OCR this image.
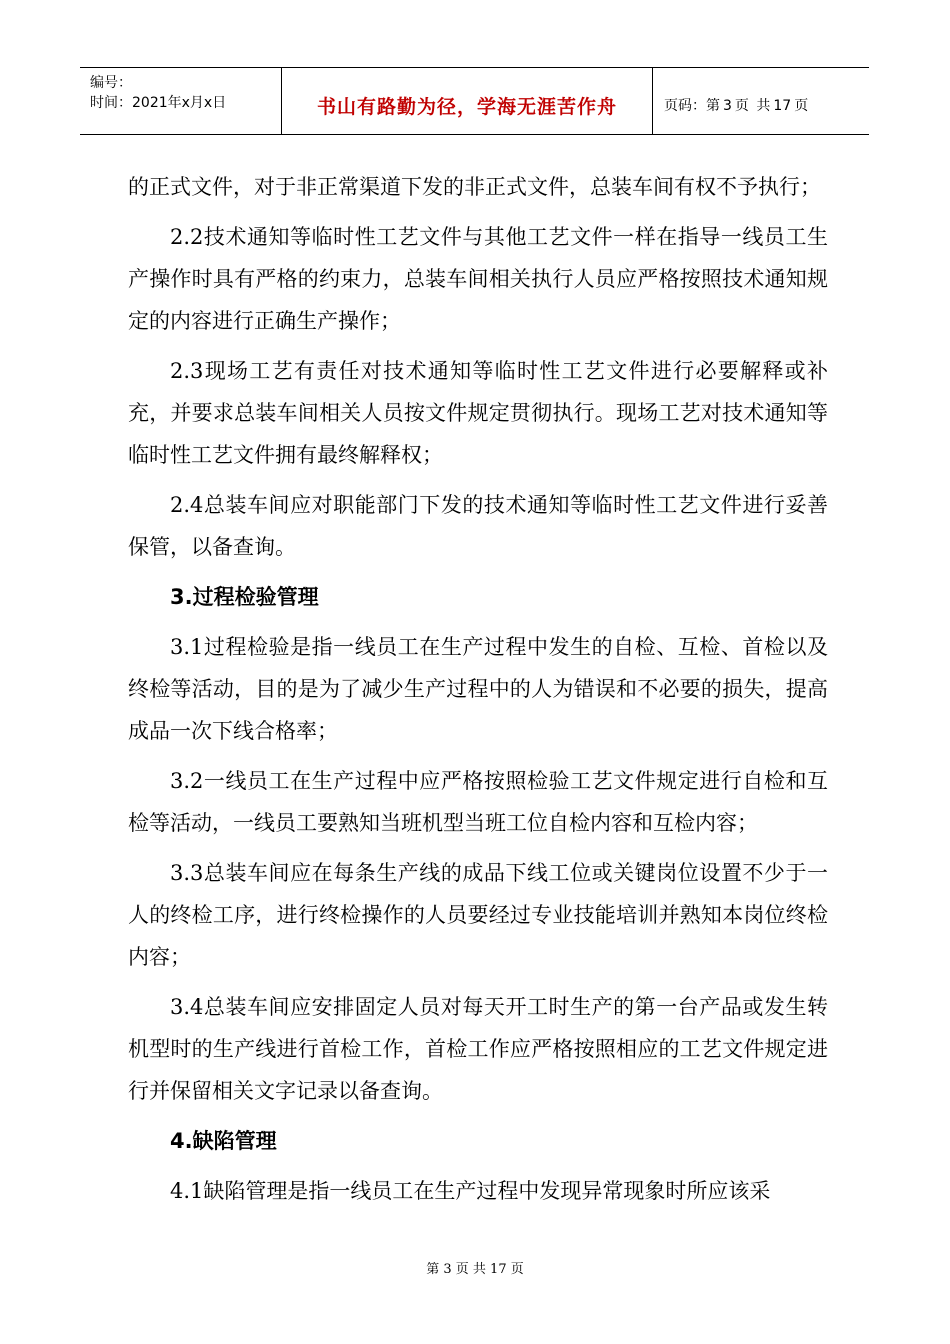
编号：
时间：2021年x月x日	书山有路勤为径，学海无涯苦作舟	页码：第 3 页 共 17 页

的正式文件，对于非正常渠道下发的非正式文件，总装车间有权不予执行；

2.2技术通知等临时性工艺文件与其他工艺文件一样在指导一线员工生产操作时具有严格的约束力，总装车间相关执行人员应严格按照技术通知规定的内容进行正确生产操作；

2.3现场工艺有责任对技术通知等临时性工艺文件进行必要解释或补充，并要求总装车间相关人员按文件规定贯彻执行。现场工艺对技术通知等临时性工艺文件拥有最终解释权；

2.4总装车间应对职能部门下发的技术通知等临时性工艺文件进行妥善保管，以备查询。

3.过程检验管理

3.1过程检验是指一线员工在生产过程中发生的自检、互检、首检以及终检等活动，目的是为了减少生产过程中的人为错误和不必要的损失，提高成品一次下线合格率；

3.2一线员工在生产过程中应严格按照检验工艺文件规定进行自检和互检等活动，一线员工要熟知当班机型当班工位自检内容和互检内容；

3.3总装车间应在每条生产线的成品下线工位或关键岗位设置不少于一人的终检工序，进行终检操作的人员要经过专业技能培训并熟知本岗位终检内容；

3.4总装车间应安排固定人员对每天开工时生产的第一台产品或发生转机型时的生产线进行首检工作，首检工作应严格按照相应的工艺文件规定进行并保留相关文字记录以备查询。

4.缺陷管理

4.1缺陷管理是指一线员工在生产过程中发现异常现象时所应该采

第 3 页 共 17 页
